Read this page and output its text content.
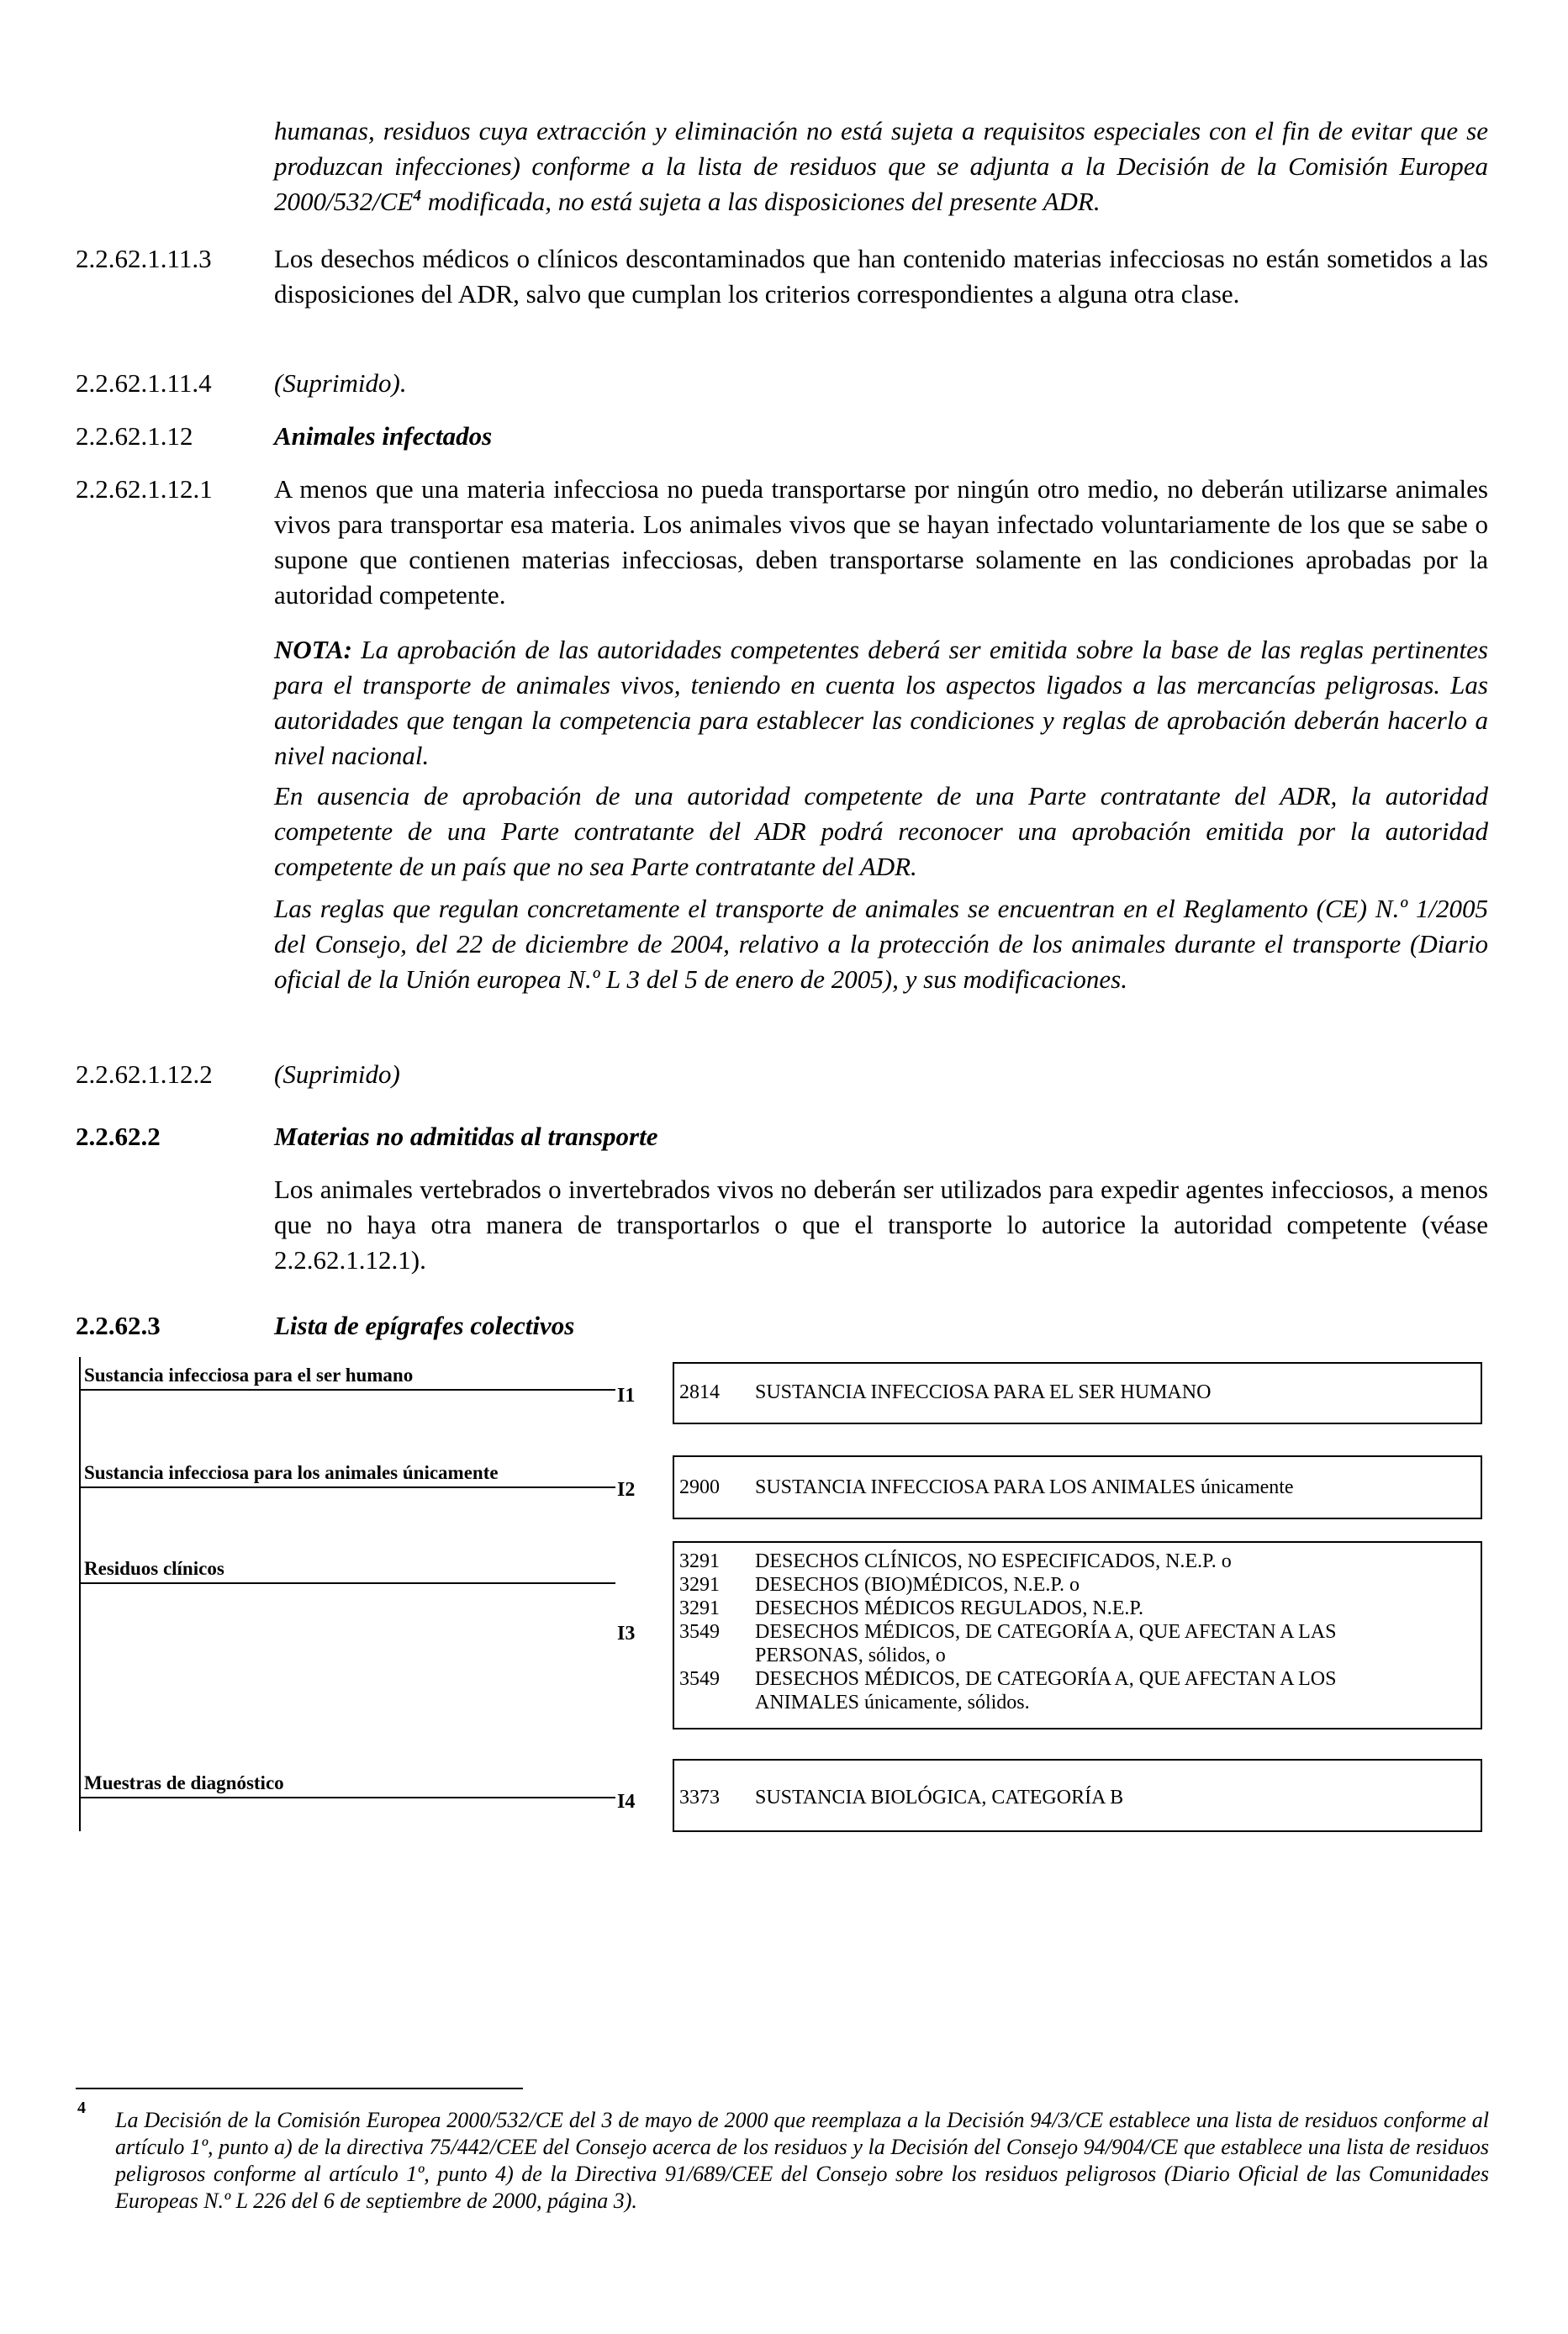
humanas, residuos cuya extracción y eliminación no está sujeta a requisitos especiales con el fin de evitar que se produzcan infecciones) conforme a la lista de residuos que se adjunta a la Decisión de la Comisión Europea $2000/532/CE^4$ modificada, no está sujeta a las disposiciones del presente ADR.

2.2.62.1.11.3 Los desechos médicos o clínicos descontaminados que han contenido materias infecciosas no están sometidos a las disposiciones del ADR, salvo que cumplan los criterios correspondientes a alguna otra clase.

2.2.62.1.11.4 (Suprimido).

2.2.62.1.12	Animales infectados

2.2.62.1.12.1 A menos que una materia infecciosa no pueda transportarse por ningún otro medio, no deberán utilizarse animales vivos para transportar esa materia. Los animales vivos que se hayan infectado voluntariamente de los que se sabe o supone que contienen materias infecciosas, deben transportarse solamente en las condiciones aprobadas por la autoridad competente.

NOTA: La aprobación de las autoridades competentes deberá ser emitida sobre la base de las reglas pertinentes para el transporte de animales vivos, teniendo en cuenta los aspectos ligados a las mercancías peligrosas. Las autoridades que tengan la competencia para establecer las condiciones y reglas de aprobación deberán hacerlo a nivel nacional.

En ausencia de aprobación de una autoridad competente de una Parte contratante del ADR, la autoridad competente de una Parte contratante del ADR podrá reconocer una aprobación emitida por la autoridad competente de un país que no sea Parte contratante del ADR.

Las reglas que regulan concretamente el transporte de animales se encuentran en el Reglamento (CE) N.º 1/2005 del Consejo, del 22 de diciembre de 2004, relativo a la protección de los animales durante el transporte (Diario oficial de la Unión europea N.º L 3 del 5 de enero de 2005), y sus modificaciones.

2.2.62.1.12.2 (Suprimido)

2.2.62.2	Materias no admitidas al transporte

Los animales vertebrados o invertebrados vivos no deberán ser utilizados para expedir agentes infecciosos, a menos que no haya otra manera de transportarlos o que el transporte lo autorice la autoridad competente (véase 2.2.62.1.12.1).

2.2.62.3	Lista de epígrafes colectivos

Sustancia infecciosa para el ser humano
I1 2814 SUSTANCIA INFECCIOSA PARA EL SER HUMANO
Sustancia infecciosa para los animales únicamente
I2 2900 SUSTANCIA INFECCIOSA PARA LOS ANIMALES únicamente
Residuos clínicos
I3
3291 DESECHOS CLÍNICOS, NO ESPECIFICADOS, N.E.P. o
3291 DESECHOS (BIO)MÉDICOS, N.E.P. o
3291 DESECHOS MÉDICOS REGULADOS, N.E.P.
3549 DESECHOS MÉDICOS, DE CATEGORÍA A, QUE AFECTAN A LAS
PERSONAS, sólidos, o
3549 DESECHOS MÉDICOS, DE CATEGORÍA A, QUE AFECTAN A LOS
ANIMALES únicamente, sólidos.
Muestras de diagnóstico
I4 3373 SUSTANCIA BIOLÓGICA, CATEGORÍA B
4 La Decisión de la Comisión Europea 2000/532/CE del 3 de mayo de 2000 que reemplaza a la Decisión 94/3/CE establece una lista de residuos conforme al artículo 1º, punto a) de la directiva 75/442/CEE del Consejo acerca de los residuos y la Decisión del Consejo 94/904/CE que establece una lista de residuos peligrosos conforme al artículo 1º, punto 4) de la Directiva 91/689/CEE del Consejo sobre los residuos peligrosos (Diario Oficial de las Comunidades Europeas N.º L 226 del 6 de septiembre de 2000, página 3).
